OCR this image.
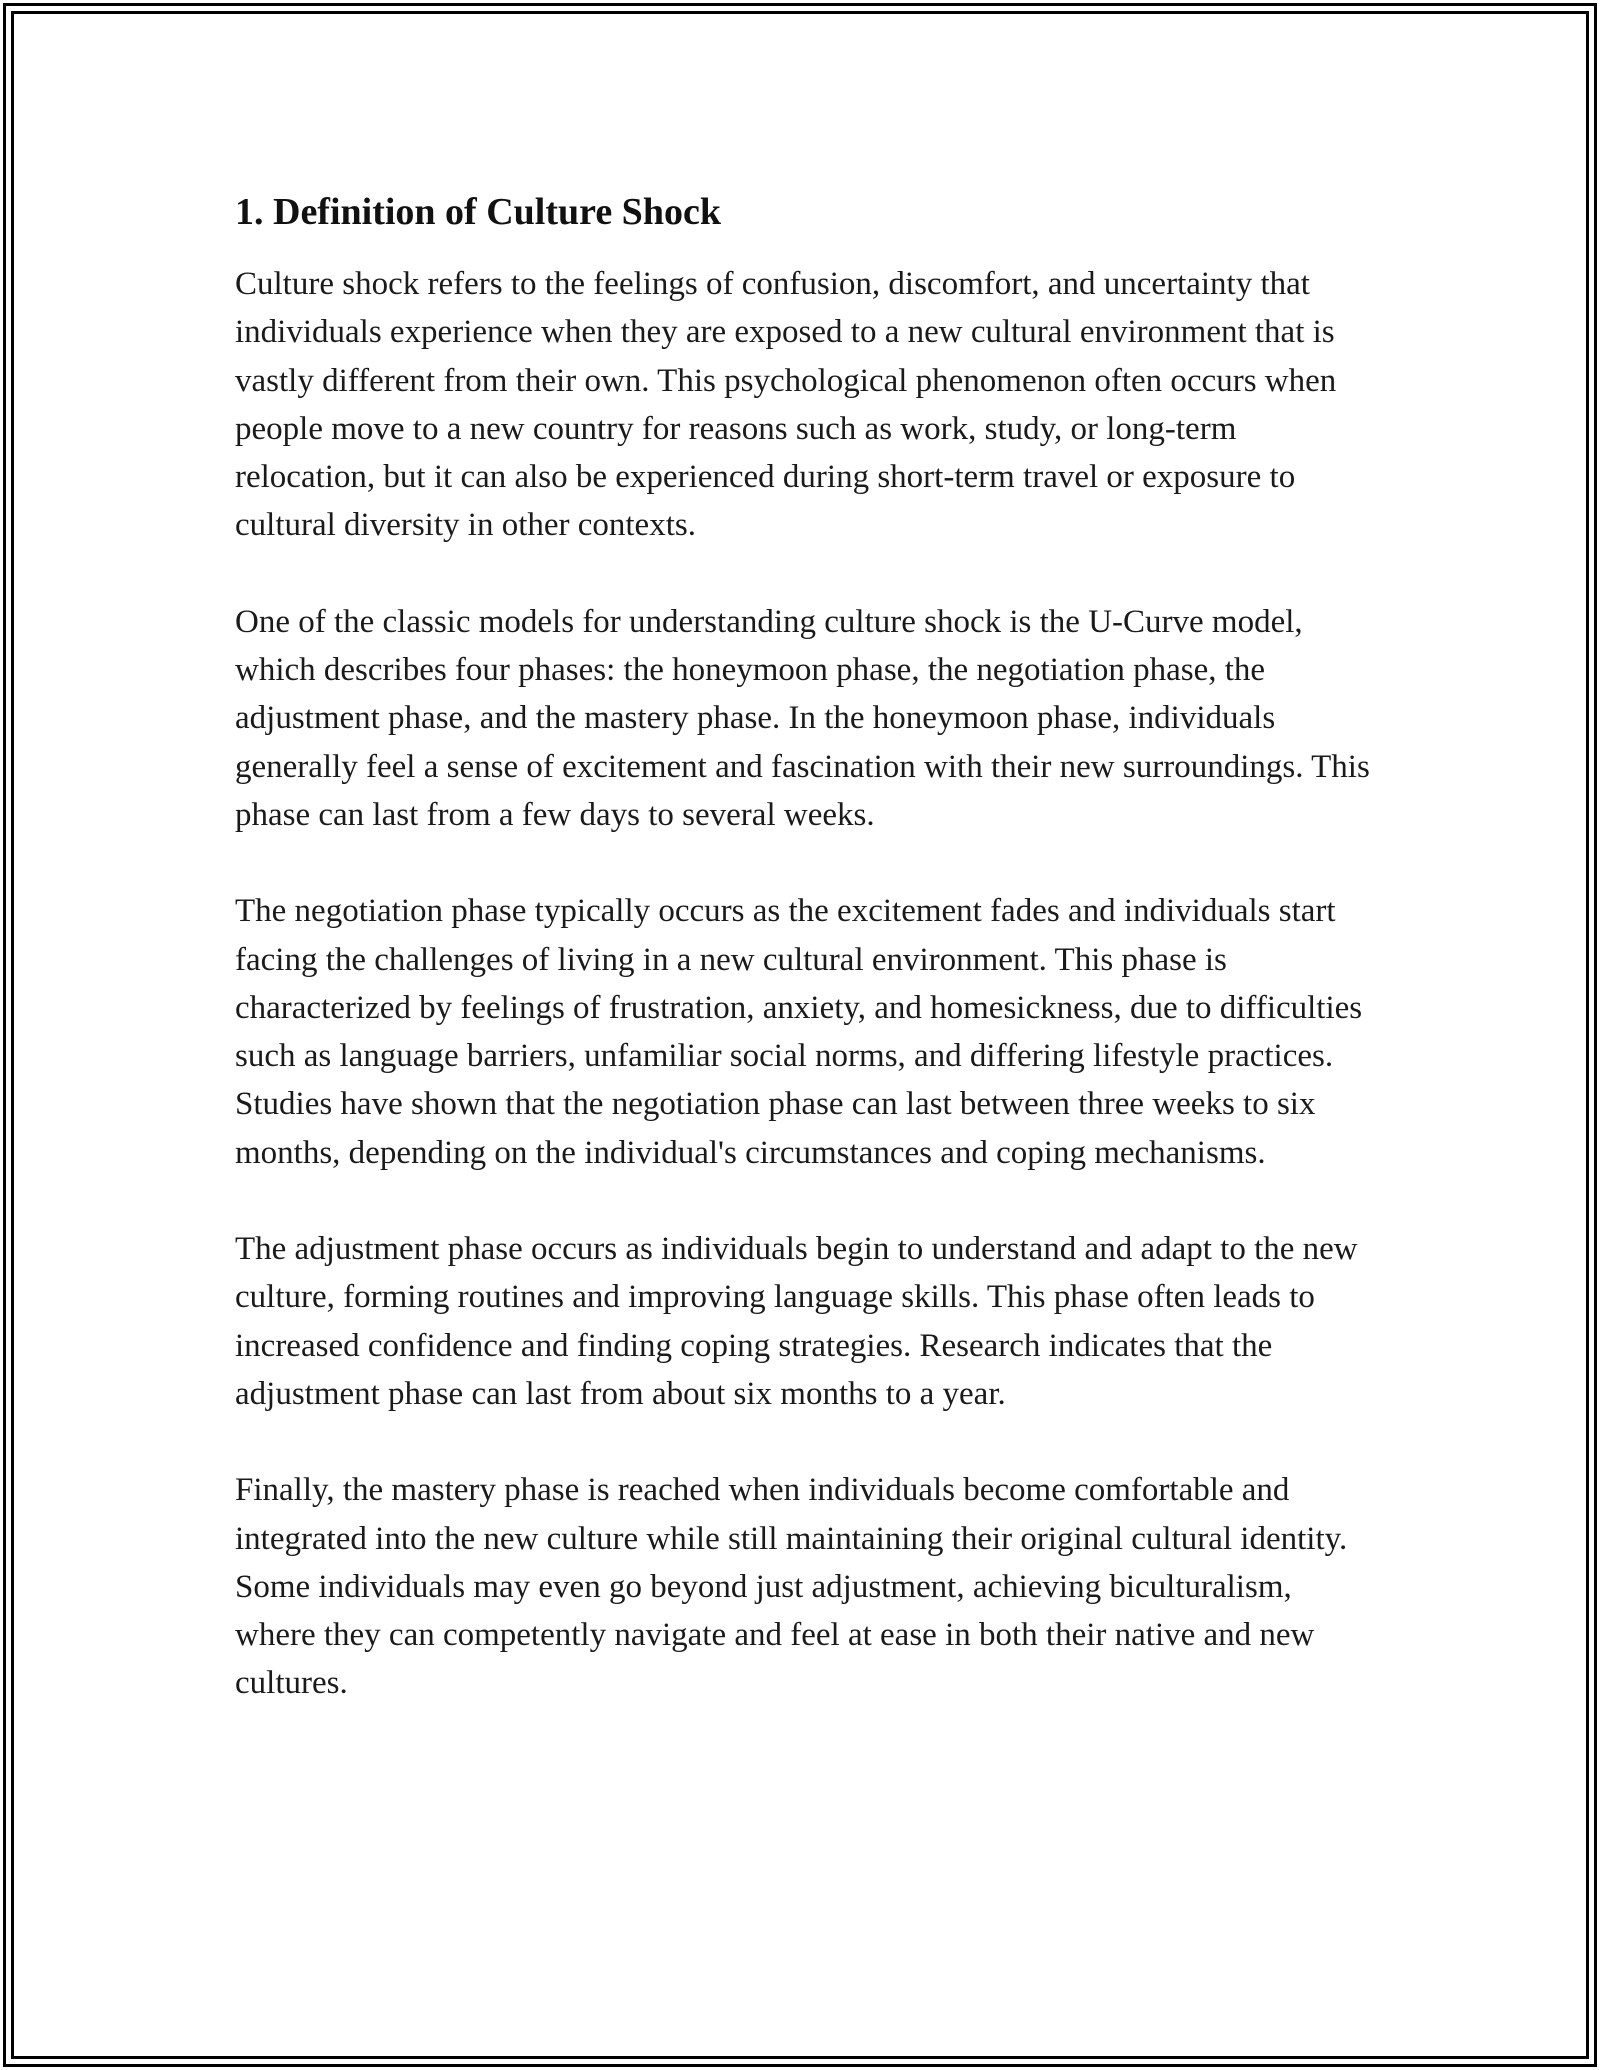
1. Definition of Culture Shock

Culture shock refers to the feelings of confusion, discomfort, and uncertainty that individuals experience when they are exposed to a new cultural environment that is vastly different from their own. This psychological phenomenon often occurs when people move to a new country for reasons such as work, study, or long-term relocation, but it can also be experienced during short-term travel or exposure to cultural diversity in other contexts.

One of the classic models for understanding culture shock is the U-Curve model, which describes four phases: the honeymoon phase, the negotiation phase, the adjustment phase, and the mastery phase. In the honeymoon phase, individuals generally feel a sense of excitement and fascination with their new surroundings. This phase can last from a few days to several weeks.

The negotiation phase typically occurs as the excitement fades and individuals start facing the challenges of living in a new cultural environment. This phase is characterized by feelings of frustration, anxiety, and homesickness, due to difficulties such as language barriers, unfamiliar social norms, and differing lifestyle practices. Studies have shown that the negotiation phase can last between three weeks to six months, depending on the individual's circumstances and coping mechanisms.

The adjustment phase occurs as individuals begin to understand and adapt to the new culture, forming routines and improving language skills. This phase often leads to increased confidence and finding coping strategies. Research indicates that the adjustment phase can last from about six months to a year.

Finally, the mastery phase is reached when individuals become comfortable and integrated into the new culture while still maintaining their original cultural identity. Some individuals may even go beyond just adjustment, achieving biculturalism, where they can competently navigate and feel at ease in both their native and new cultures.
